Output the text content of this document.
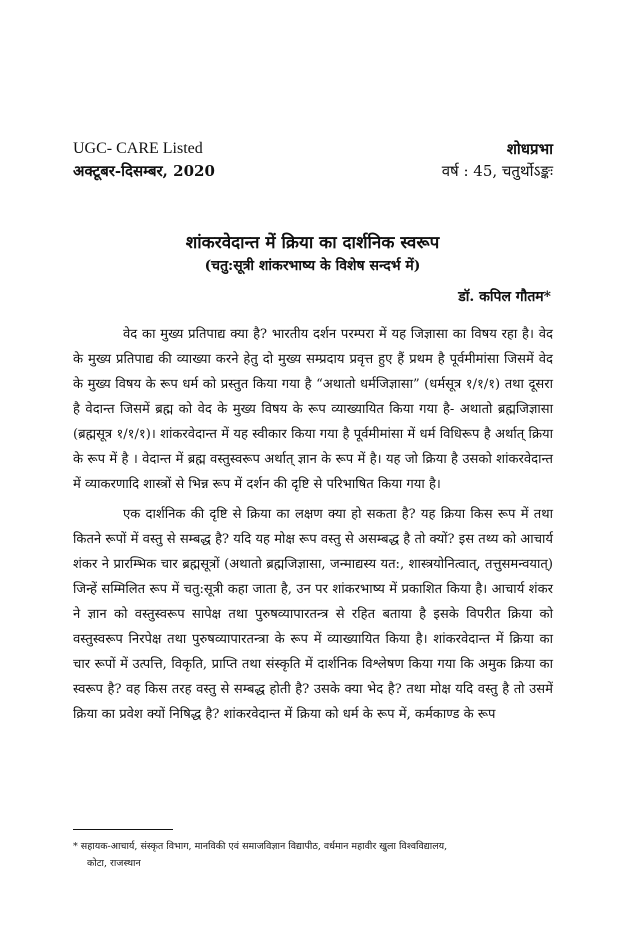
UGC- CARE Listed
अक्टूबर-दिसम्बर, 2020
शोधप्रभा
वर्ष : 45, चतुर्थोऽङ्कः
शांकरवेदान्त में क्रिया का दार्शनिक स्वरूप
(चतु:सूत्री शांकरभाष्य के विशेष सन्दर्भ में)
डॉ. कपिल गौतम*

वेद का मुख्य प्रतिपाद्य क्या है? भारतीय दर्शन परम्परा में यह जिज्ञासा का विषय रहा है। वेद के मुख्य प्रतिपाद्य की व्याख्या करने हेतु दो मुख्य सम्प्रदाय प्रवृत्त हुए हैं प्रथम है पूर्वमीमांसा जिसमें वेद के मुख्य विषय के रूप धर्म को प्रस्तुत किया गया है “अथातो धर्मजिज्ञासा” (धर्मसूत्र १/१/१) तथा दूसरा है वेदान्त जिसमें ब्रह्म को वेद के मुख्य विषय के रूप व्याख्यायित किया गया है- अथातो ब्रह्मजिज्ञासा (ब्रह्मसूत्र १/१/१)। शांकरवेदान्त में यह स्वीकार किया गया है पूर्वमीमांसा में धर्म विधिरूप है अर्थात् क्रिया के रूप में है । वेदान्त में ब्रह्म वस्तुस्वरूप अर्थात् ज्ञान के रूप में है। यह जो क्रिया है उसको शांकरवेदान्त में व्याकरणादि शास्त्रों से भिन्न रूप में दर्शन की दृष्टि से परिभाषित किया गया है।

एक दार्शनिक की दृष्टि से क्रिया का लक्षण क्या हो सकता है? यह क्रिया किस रूप में तथा कितने रूपों में वस्तु से सम्बद्ध है? यदि यह मोक्ष रूप वस्तु से असम्बद्ध है तो क्यों? इस तथ्य को आचार्य शंकर ने प्रारम्भिक चार ब्रह्मसूत्रों (अथातो ब्रह्मजिज्ञासा, जन्माद्यस्य यत:, शास्त्रयोनित्वात्, तत्तुसमन्वयात्) जिन्हें सम्मिलित रूप में चतु:सूत्री कहा जाता है, उन पर शांकरभाष्य में प्रकाशित किया है। आचार्य शंकर ने ज्ञान को वस्तुस्वरूप सापेक्ष तथा पुरुषव्यापारतन्त्र से रहित बताया है इसके विपरीत क्रिया को वस्तुस्वरूप निरपेक्ष तथा पुरुषव्यापारतन्त्रा के रूप में व्याख्यायित किया है। शांकरवेदान्त में क्रिया का चार रूपों में उत्पत्ति, विकृति, प्राप्ति तथा संस्कृति में दार्शनिक विश्लेषण किया गया कि अमुक क्रिया का स्वरूप है? वह किस तरह वस्तु से सम्बद्ध होती है? उसके क्या भेद है? तथा मोक्ष यदि वस्तु है तो उसमें क्रिया का प्रवेश क्यों निषिद्ध है? शांकरवेदान्त में क्रिया को धर्म के रूप में, कर्मकाण्ड के रूप

* सहायक-आचार्य, संस्कृत विभाग, मानविकी एवं समाजविज्ञान विद्यापीठ, वर्धमान महावीर खुला विश्वविद्यालय,
कोटा, राजस्थान
